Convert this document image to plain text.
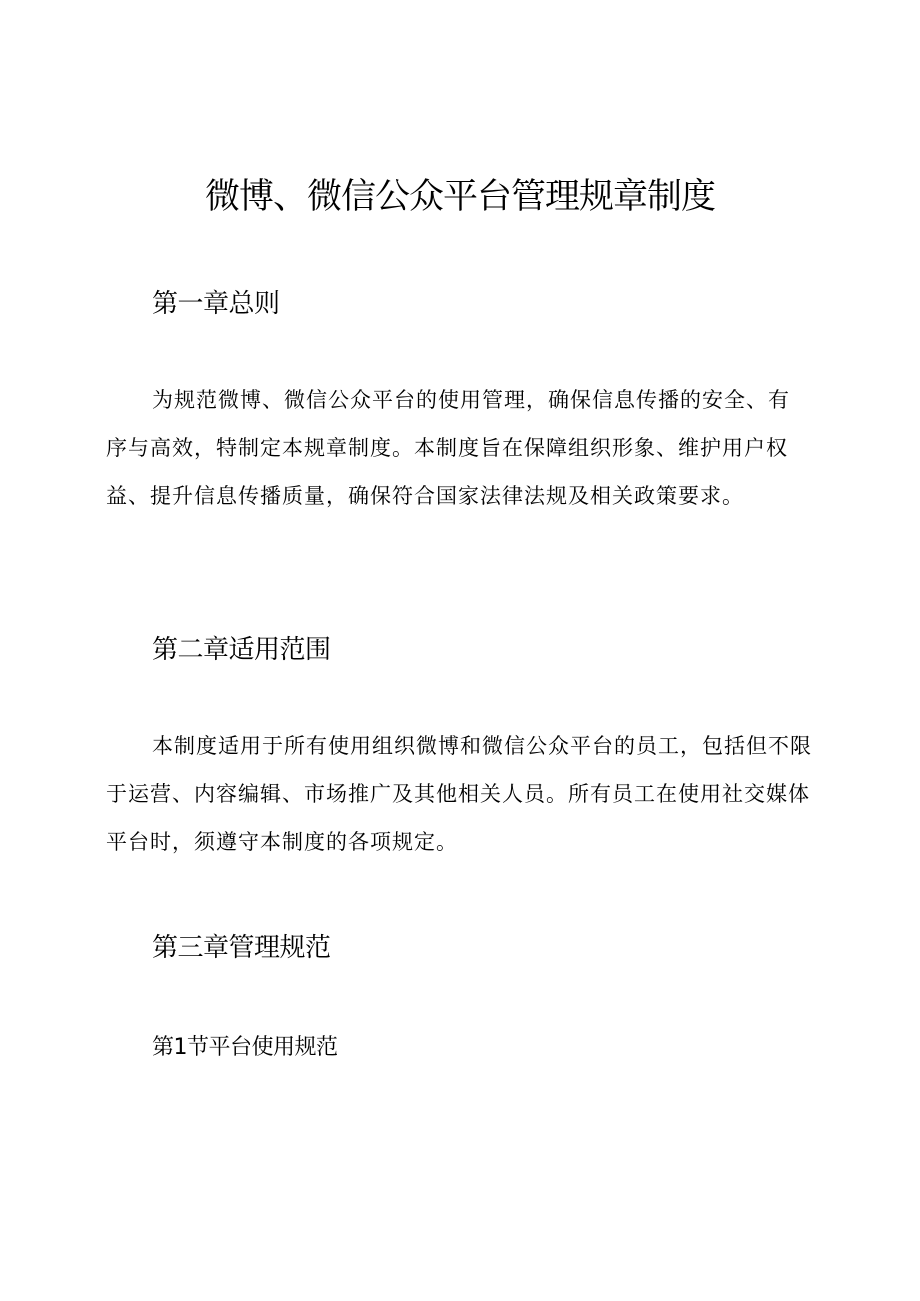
微博、微信公众平台管理规章制度
第一章总则

为规范微博、微信公众平台的使用管理，确保信息传播的安全、有序与高效，特制定本规章制度。本制度旨在保障组织形象、维护用户权益、提升信息传播质量，确保符合国家法律法规及相关政策要求。

第二章适用范围

本制度适用于所有使用组织微博和微信公众平台的员工，包括但不限于运营、内容编辑、市场推广及其他相关人员。所有员工在使用社交媒体平台时，须遵守本制度的各项规定。

第三章管理规范
第1节平台使用规范
